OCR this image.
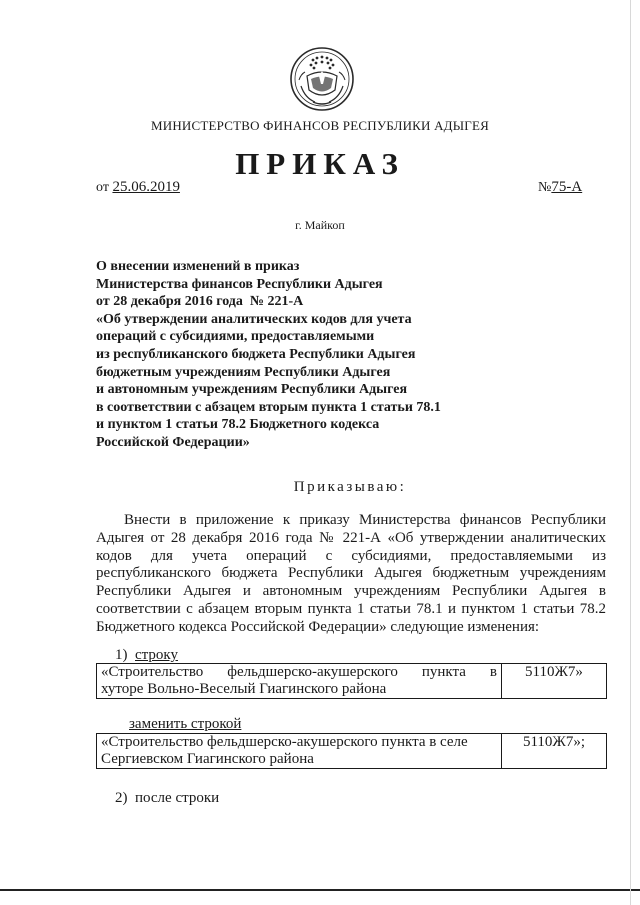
МИНИСТЕРСТВО ФИНАНСОВ РЕСПУБЛИКИ АДЫГЕЯ
ПРИКАЗ
от 25.06.2019	№75-А
г. Майкоп
О внесении изменений в приказ
Министерства финансов Республики Адыгея
от 28 декабря 2016 года  № 221-А
«Об утверждении аналитических кодов для учета
операций с субсидиями, предоставляемыми
из республиканского бюджета Республики Адыгея
бюджетным учреждениям Республики Адыгея
и автономным учреждениям Республики Адыгея
в соответствии с абзацем вторым пункта 1 статьи 78.1
и пунктом 1 статьи 78.2 Бюджетного кодекса
Российской Федерации»
Приказываю:
Внести в приложение к приказу Министерства финансов Республики Адыгея от 28 декабря 2016 года № 221-А «Об утверждении аналитических кодов для учета операций с субсидиями, предоставляемыми из республиканского бюджета Республики Адыгея бюджетным учреждениям Республики Адыгея и автономным учреждениям Республики Адыгея в соответствии с абзацем вторым пункта 1 статьи 78.1 и пунктом 1 статьи 78.2 Бюджетного кодекса Российской Федерации» следующие изменения:
1) строку
«Строительство фельдшерско-акушерского пункта в
хуторе Вольно-Веселый Гиагинского района
	5110Ж7»
заменить строкой
«Строительство фельдшерско-акушерского пункта в селе
Сергиевском Гиагинского района
	5110Ж7»;
2) после строки
